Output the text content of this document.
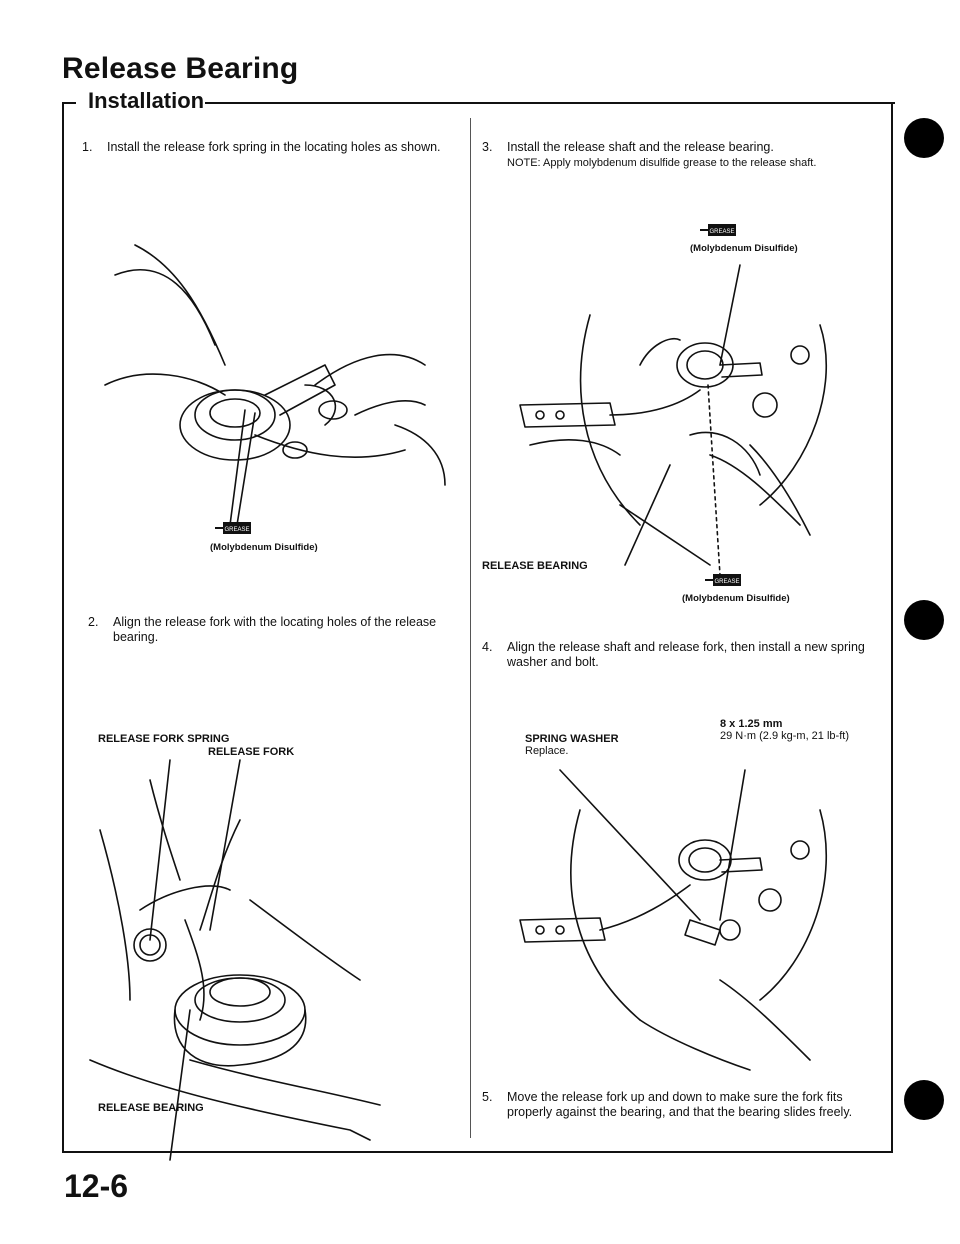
Release Bearing
Installation
1. Install the release fork spring in the locating holes as shown.
GREASE
(Molybdenum Disulfide)
2. Align the release fork with the locating holes of the release bearing.
RELEASE FORK SPRING
RELEASE FORK
RELEASE BEARING
3. Install the release shaft and the release bearing.
NOTE: Apply molybdenum disulfide grease to the release shaft.
GREASE
(Molybdenum Disulfide)
RELEASE BEARING
GREASE
(Molybdenum Disulfide)
4. Align the release shaft and release fork, then install a new spring washer and bolt.
SPRING WASHER
Replace.
8 x 1.25 mm
29 N·m (2.9 kg-m, 21 lb-ft)
5. Move the release fork up and down to make sure the fork fits properly against the bearing, and that the bearing slides freely.
12-6
